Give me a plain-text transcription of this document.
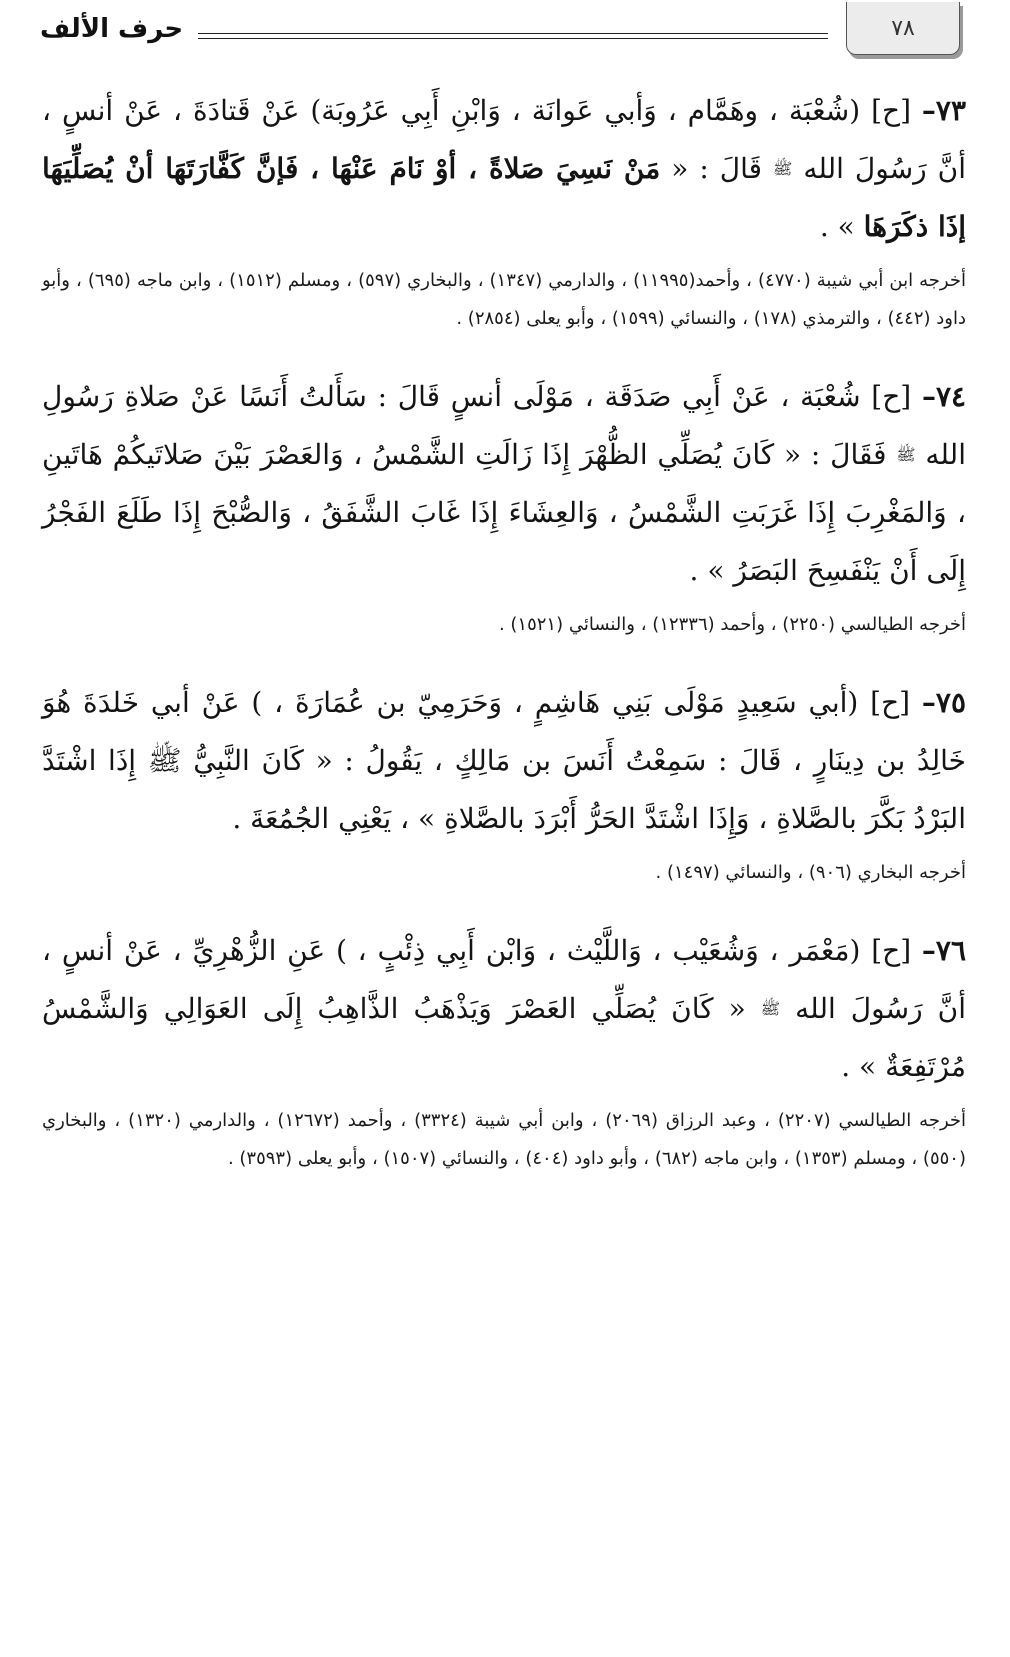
٧٨
حرف الألف

٧٣– [ح] (شُعْبَة ، وهَمَّام ، وَأبي عَوانَة ، وَابْنِ أَبِي عَرُوبَة) عَنْ قَتادَةَ ، عَنْ أنسٍ ، أنَّ رَسُولَ الله ﷺ قَالَ : « مَنْ نَسِيَ صَلاةً ، أوْ نَامَ عَنْهَا ، فَإنَّ كَفَّارَتَهَا أنْ يُصَلِّيَهَا إذَا ذكَرَهَا » .

أخرجه ابن أبي شيبة (٤٧٧٠) ، وأحمد(١١٩٩٥) ، والدارمي (١٣٤٧) ، والبخاري (٥٩٧) ، ومسلم (١٥١٢) ، وابن ماجه (٦٩٥) ، وأبو داود (٤٤٢) ، والترمذي (١٧٨) ، والنسائي (١٥٩٩) ، وأبو يعلى (٢٨٥٤) .

٧٤– [ح] شُعْبَة ، عَنْ أَبِي صَدَقَة ، مَوْلَى أنسٍ قَالَ : سَأَلتُ أَنَسًا عَنْ صَلاةِ رَسُولِ الله ﷺ فَقَالَ : « كَانَ يُصَلِّي الظُّهْرَ إِذَا زَالَتِ الشَّمْسُ ، وَالعَصْرَ بَيْنَ صَلاتَيكُمْ هَاتَينِ ، وَالمَغْرِبَ إِذَا غَرَبَتِ الشَّمْسُ ، وَالعِشَاءَ إِذَا غَابَ الشَّفَقُ ، وَالصُّبْحَ إِذَا طَلَعَ الفَجْرُ إِلَى أَنْ يَنْفَسِحَ البَصَرُ » .

أخرجه الطيالسي (٢٢٥٠) ، وأحمد (١٢٣٣٦) ، والنسائي (١٥٢١) .

٧٥– [ح] (أبي سَعِيدٍ مَوْلَى بَنِي هَاشِمٍ ، وَحَرَمِيّ بن عُمَارَةَ ، ) عَنْ أبي خَلدَةَ هُوَ خَالِدُ بن دِينَارٍ ، قَالَ : سَمِعْتُ أَنَسَ بن مَالِكٍ ، يَقُولُ : « كَانَ النَّبِيُّ ﷺ إِذَا اشْتَدَّ البَرْدُ بَكَّرَ بالصَّلاةِ ، وَإِذَا اشْتَدَّ الحَرُّ أَبْرَدَ بالصَّلاةِ » ، يَعْنِي الجُمُعَةَ .

أخرجه البخاري (٩٠٦) ، والنسائي (١٤٩٧) .

٧٦– [ح] (مَعْمَر ، وَشُعَيْب ، وَاللَّيْث ، وَابْن أَبِي ذِئْبٍ ، ) عَنِ الزُّهْرِيِّ ، عَنْ أنسٍ ، أنَّ رَسُولَ الله ﷺ « كَانَ يُصَلِّي العَصْرَ وَيَذْهَبُ الذَّاهِبُ إِلَى العَوَالِي وَالشَّمْسُ مُرْتَفِعَةٌ » .

أخرجه الطيالسي (٢٢٠٧) ، وعبد الرزاق (٢٠٦٩) ، وابن أبي شيبة (٣٣٢٤) ، وأحمد (١٢٦٧٢) ، والدارمي (١٣٢٠) ، والبخاري (٥٥٠) ، ومسلم (١٣٥٣) ، وابن ماجه (٦٨٢) ، وأبو داود (٤٠٤) ، والنسائي (١٥٠٧) ، وأبو يعلى (٣٥٩٣) .
